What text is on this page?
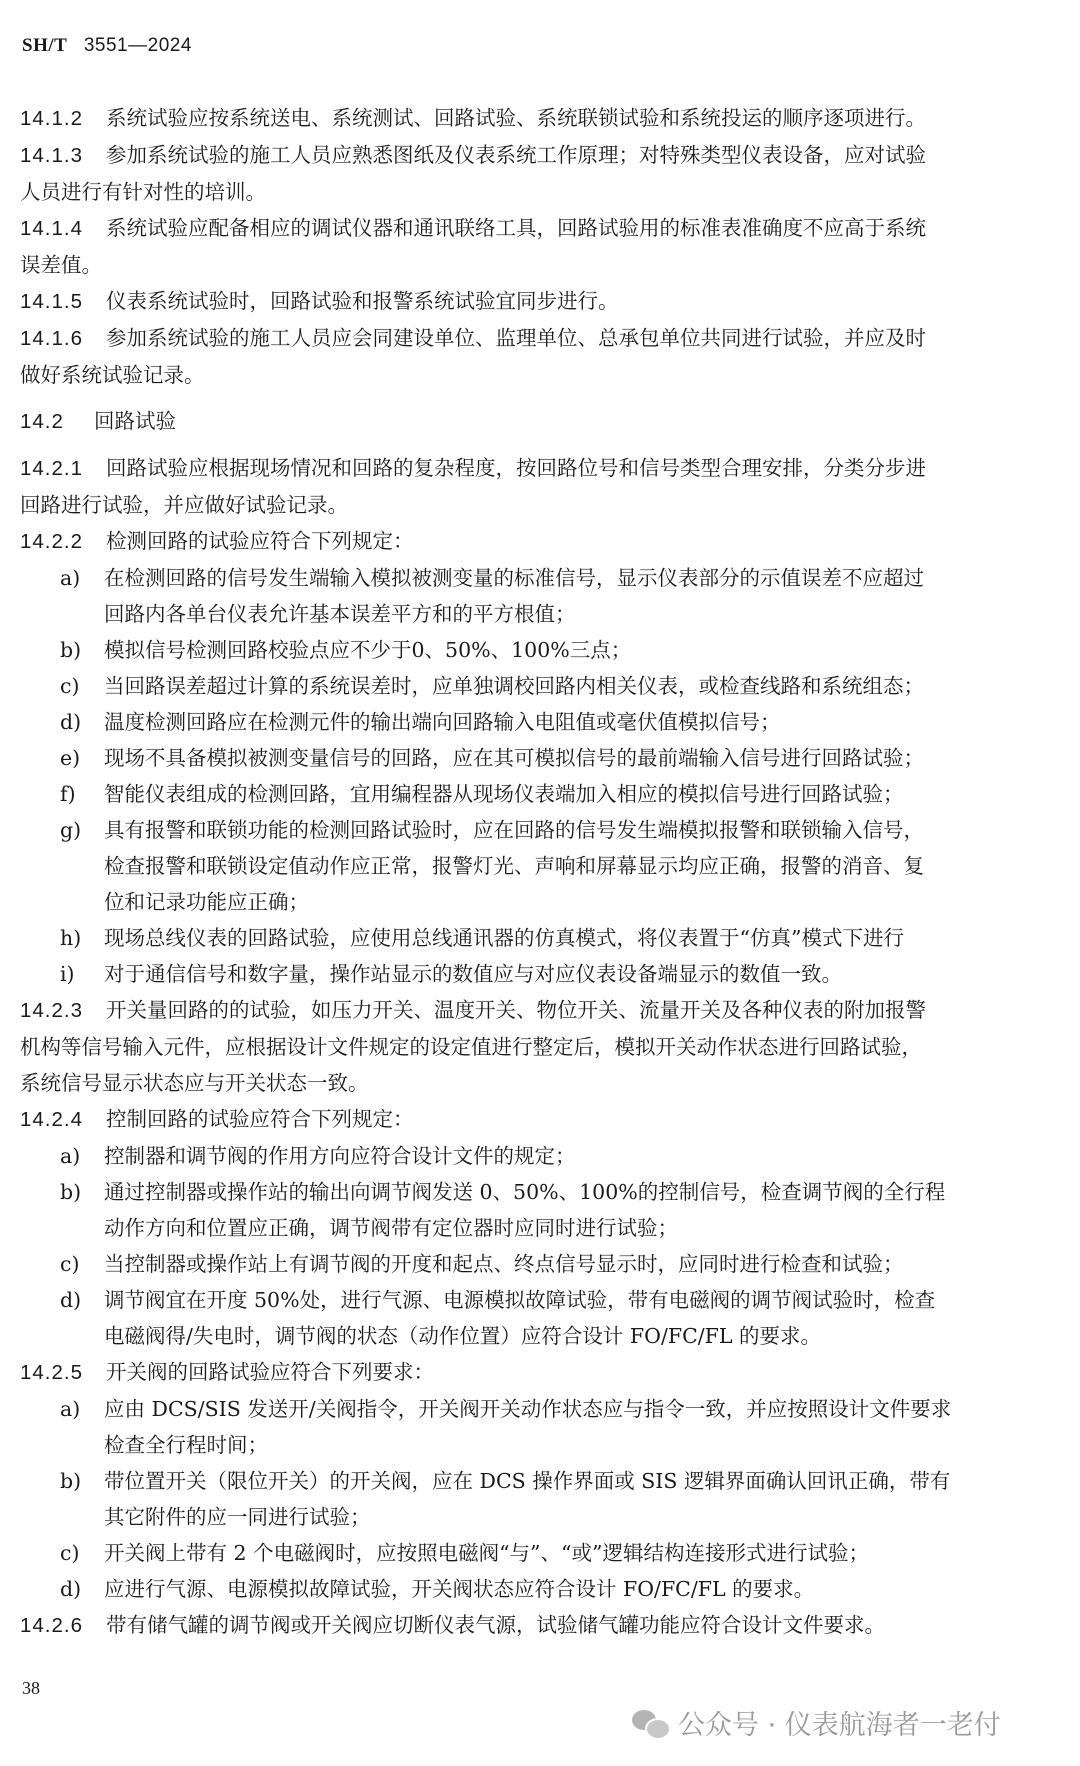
SH/T 3551—2024
14.1.2 系统试验应按系统送电、系统测试、回路试验、系统联锁试验和系统投运的顺序逐项进行。
14.1.3 参加系统试验的施工人员应熟悉图纸及仪表系统工作原理；对特殊类型仪表设备，应对试验
人员进行有针对性的培训。
14.1.4 系统试验应配备相应的调试仪器和通讯联络工具，回路试验用的标准表准确度不应高于系统
误差值。
14.1.5 仪表系统试验时，回路试验和报警系统试验宜同步进行。
14.1.6 参加系统试验的施工人员应会同建设单位、监理单位、总承包单位共同进行试验，并应及时
做好系统试验记录。
14.2 回路试验
14.2.1 回路试验应根据现场情况和回路的复杂程度，按回路位号和信号类型合理安排，分类分步进
回路进行试验，并应做好试验记录。
14.2.2 检测回路的试验应符合下列规定：
a) 在检测回路的信号发生端输入模拟被测变量的标准信号，显示仪表部分的示值误差不应超过
回路内各单台仪表允许基本误差平方和的平方根值；
b) 模拟信号检测回路校验点应不少于0、50%、100%三点；
c) 当回路误差超过计算的系统误差时，应单独调校回路内相关仪表，或检查线路和系统组态；
d) 温度检测回路应在检测元件的输出端向回路输入电阻值或毫伏值模拟信号；
e) 现场不具备模拟被测变量信号的回路，应在其可模拟信号的最前端输入信号进行回路试验；
f) 智能仪表组成的检测回路，宜用编程器从现场仪表端加入相应的模拟信号进行回路试验；
g) 具有报警和联锁功能的检测回路试验时，应在回路的信号发生端模拟报警和联锁输入信号，
检查报警和联锁设定值动作应正常，报警灯光、声响和屏幕显示均应正确，报警的消音、复
位和记录功能应正确；
h) 现场总线仪表的回路试验，应使用总线通讯器的仿真模式，将仪表置于“仿真”模式下进行
i) 对于通信信号和数字量，操作站显示的数值应与对应仪表设备端显示的数值一致。
14.2.3 开关量回路的的试验，如压力开关、温度开关、物位开关、流量开关及各种仪表的附加报警
机构等信号输入元件，应根据设计文件规定的设定值进行整定后，模拟开关动作状态进行回路试验，
系统信号显示状态应与开关状态一致。
14.2.4 控制回路的试验应符合下列规定：
a) 控制器和调节阀的作用方向应符合设计文件的规定；
b) 通过控制器或操作站的输出向调节阀发送 0、50%、100%的控制信号，检查调节阀的全行程
动作方向和位置应正确，调节阀带有定位器时应同时进行试验；
c) 当控制器或操作站上有调节阀的开度和起点、终点信号显示时，应同时进行检查和试验；
d) 调节阀宜在开度 50%处，进行气源、电源模拟故障试验，带有电磁阀的调节阀试验时，检查
电磁阀得/失电时，调节阀的状态（动作位置）应符合设计 FO/FC/FL 的要求。
14.2.5 开关阀的回路试验应符合下列要求：
a) 应由 DCS/SIS 发送开/关阀指令，开关阀开关动作状态应与指令一致，并应按照设计文件要求
检查全行程时间；
b) 带位置开关（限位开关）的开关阀，应在 DCS 操作界面或 SIS 逻辑界面确认回讯正确，带有
其它附件的应一同进行试验；
c) 开关阀上带有 2 个电磁阀时，应按照电磁阀“与”、“或”逻辑结构连接形式进行试验；
d) 应进行气源、电源模拟故障试验，开关阀状态应符合设计 FO/FC/FL 的要求。
14.2.6 带有储气罐的调节阀或开关阀应切断仪表气源，试验储气罐功能应符合设计文件要求。
38
公众号 · 仪表航海者一老付
